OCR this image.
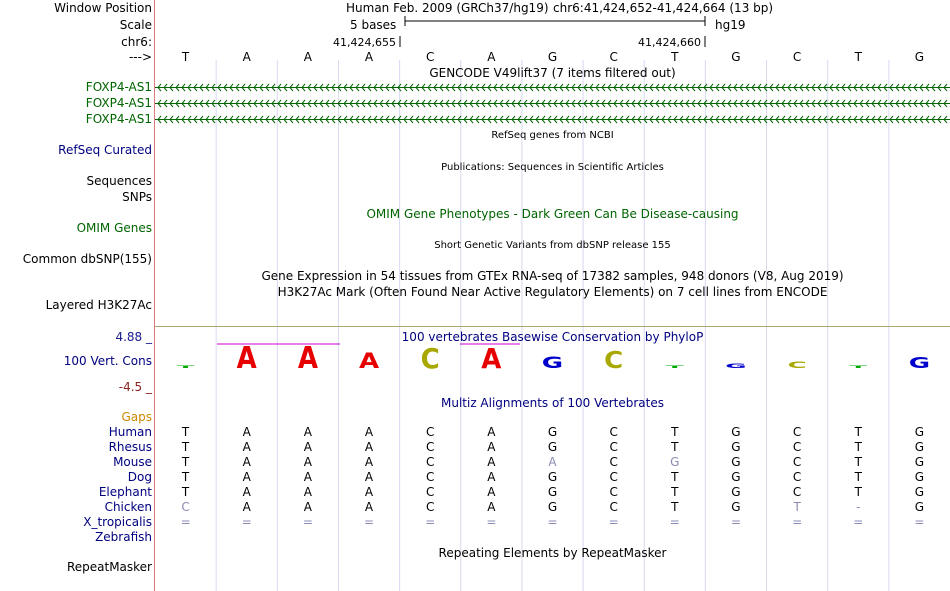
Window Position
Scale
chr6:
--->
Human Feb. 2009 (GRCh37/hg19) chr6:41,424,652-41,424,664 (13 bp)
5 bases	hg19
41,424,655	41,424,660
T	A	A	A	C	A	G	C	T	G	C	T	G
GENCODE V49lift37 (7 items filtered out)
FOXP4-AS1
FOXP4-AS1
FOXP4-AS1
RefSeq genes from NCBI
RefSeq Curated
Publications: Sequences in Scientific Articles
Sequences
SNPs
OMIM Gene Phenotypes - Dark Green Can Be Disease-causing
OMIM Genes
Short Genetic Variants from dbSNP release 155
Common dbSNP(155)
Gene Expression in 54 tissues from GTEx RNA-seq of 17382 samples, 948 donors (V8, Aug 2019)
H3K27Ac Mark (Often Found Near Active Regulatory Elements) on 7 cell lines from ENCODE
Layered H3K27Ac
100 vertebrates Basewise Conservation by PhyloP
4.88 _
100 Vert. Cons
-4.5 _
T A A A C A G C T G C T G
Multiz Alignments of 100 Vertebrates
Gaps
Human T	A	A	A	C	A	G	C	T	G	C	T	G
Rhesus T	A	A	A	C	A	G	C	T	G	C	T	G
Mouse T	A	A	A	C	A	A	C	G	G	C	T	G
Dog T	A	A	A	C	A	G	C	T	G	C	T	G
Elephant T	A	A	A	C	A	G	C	T	G	C	T	G
Chicken C	A	A	A	C	A	G	C	T	G	T	-	G
X_tropicalis =	=	=	=	=	=	=	=	=	=	=	=	=
Zebrafish
Repeating Elements by RepeatMasker
RepeatMasker
